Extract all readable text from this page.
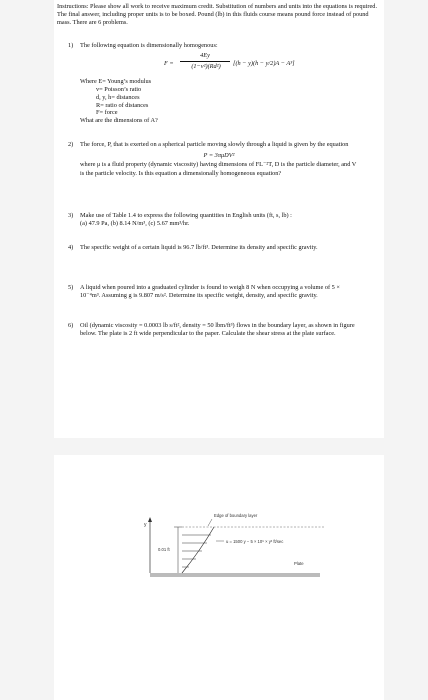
Instructions: Please show all work to receive maximum credit. Substitution of numbers and units into the equations is required. The final answer, including proper units is to be boxed. Pound (lb) in this fluids course means pound force instead of pound mass. There are 6 problems.
1) The following equation is dimensionally homogenous:
F =
4Ey
(1−v²)(Rd²)	[(h − y)(h − y/2)A − A³]
Where E= Young’s modulus
v= Poisson’s ratio
d, y, h= distances
R= ratio of distances
F= force
What are the dimensions of A?
2) The force, P, that is exerted on a spherical particle moving slowly through a liquid is given by the equation
P = 3πμDV²
where μ is a fluid property (dynamic viscosity) having dimensions of FL⁻²T, D is the particle diameter, and V is the particle velocity. Is this equation a dimensionally homogeneous equation?
3) Make use of Table 1.4 to express the following quantities in English units (ft, s, lb) :
(a) 47.9 Pa, (b) 8.14 N/m³, (c) 5.67 mm³/hr.
4) The specific weight of a certain liquid is 96.7 lb/ft³. Determine its density and specific gravity.
5) A liquid when poured into a graduated cylinder is found to weigh 8 N when occupying a volume of 5 × 10⁻⁴m³. Assuming g is 9.807 m/s². Determine its specific weight, density, and specific gravity.
6) Oil (dynamic viscosity = 0.0003 lb s/ft², density = 50 lbm/ft³) flows in the boundary layer, as shown in figure below. The plate is 2 ft wide perpendicular to the paper. Calculate the shear stress at the plate surface.
y
0.01 ft
Edge of boundary layer
u = 1500 y − 5 × 10⁶ × y³ ft/sec
Plate
